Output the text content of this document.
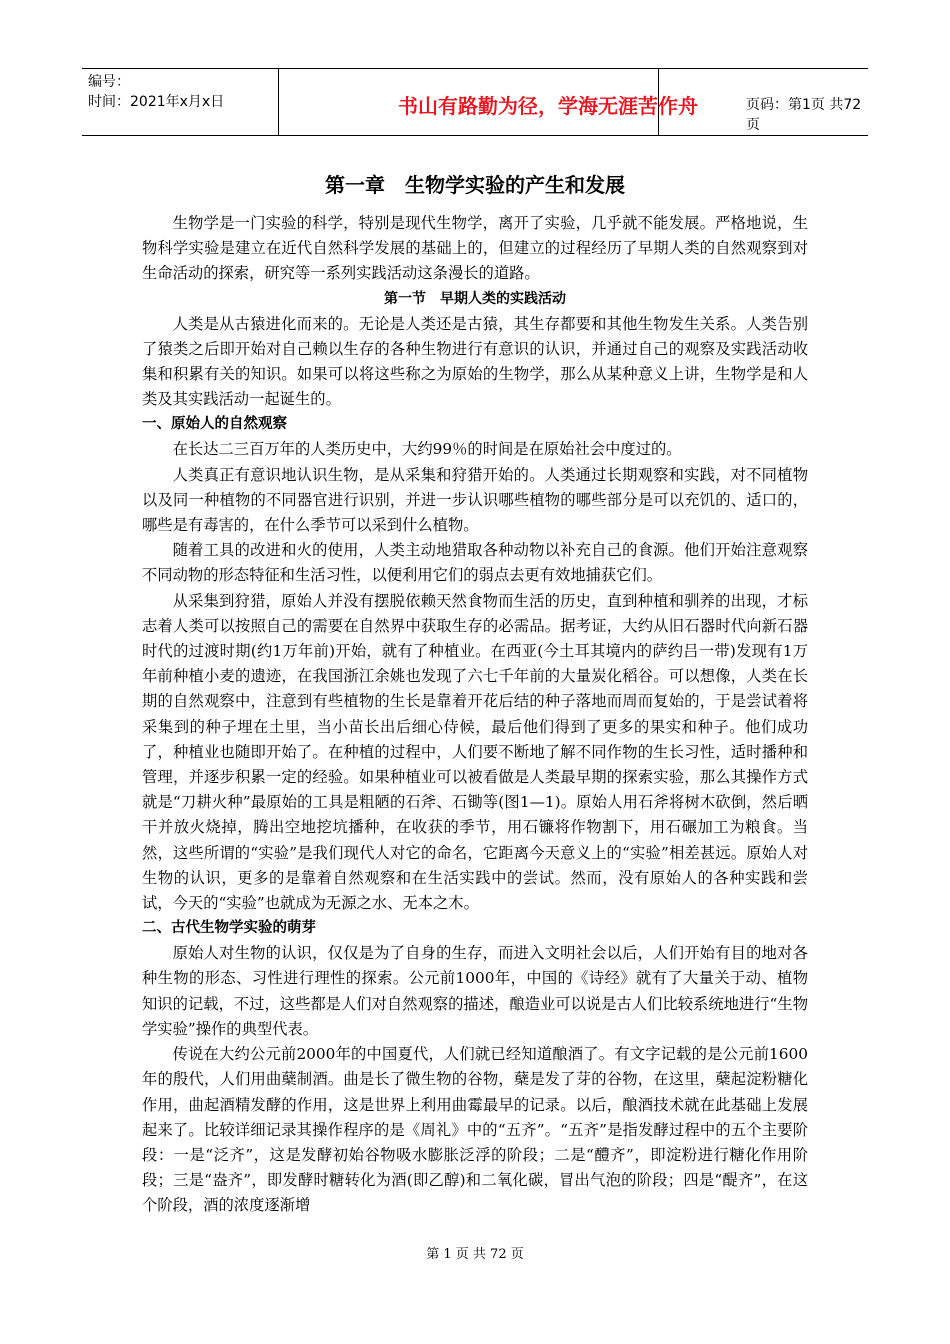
编号：
时间：2021年x月x日	书山有路勤为径，学海无涯苦作舟	页码：第1页 共72页
第一章　生物学实验的产生和发展

生物学是一门实验的科学，特别是现代生物学，离开了实验，几乎就不能发展。严格地说，生物科学实验是建立在近代自然科学发展的基础上的，但建立的过程经历了早期人类的自然观察到对生命活动的探索，研究等一系列实践活动这条漫长的道路。

第一节　早期人类的实践活动

人类是从古猿进化而来的。无论是人类还是古猿，其生存都要和其他生物发生关系。人类告别了猿类之后即开始对自己赖以生存的各种生物进行有意识的认识，并通过自己的观察及实践活动收集和积累有关的知识。如果可以将这些称之为原始的生物学，那么从某种意义上讲，生物学是和人类及其实践活动一起诞生的。

一、原始人的自然观察

在长达二三百万年的人类历史中，大约99％的时间是在原始社会中度过的。

人类真正有意识地认识生物，是从采集和狩猎开始的。人类通过长期观察和实践，对不同植物以及同一种植物的不同器官进行识别，并进一步认识哪些植物的哪些部分是可以充饥的、适口的，哪些是有毒害的，在什么季节可以采到什么植物。

随着工具的改进和火的使用，人类主动地猎取各种动物以补充自己的食源。他们开始注意观察不同动物的形态特征和生活习性，以便利用它们的弱点去更有效地捕获它们。

从采集到狩猎，原始人并没有摆脱依赖天然食物而生活的历史，直到种植和驯养的出现，才标志着人类可以按照自己的需要在自然界中获取生存的必需品。据考证，大约从旧石器时代向新石器时代的过渡时期(约1万年前)开始，就有了种植业。在西亚(今土耳其境内的萨约吕一带)发现有1万年前种植小麦的遗迹，在我国浙江余姚也发现了六七千年前的大量炭化稻谷。可以想像，人类在长期的自然观察中，注意到有些植物的生长是靠着开花后结的种子落地而周而复始的，于是尝试着将采集到的种子埋在土里，当小苗长出后细心侍候，最后他们得到了更多的果实和种子。他们成功了，种植业也随即开始了。在种植的过程中，人们要不断地了解不同作物的生长习性，适时播种和管理，并逐步积累一定的经验。如果种植业可以被看做是人类最早期的探索实验，那么其操作方式就是“刀耕火种”最原始的工具是粗陋的石斧、石锄等(图1—1)。原始人用石斧将树木砍倒，然后晒干并放火烧掉，腾出空地挖坑播种，在收获的季节，用石镰将作物割下，用石碾加工为粮食。当然，这些所谓的“实验”是我们现代人对它的命名，它距离今天意义上的“实验”相差甚远。原始人对生物的认识，更多的是靠着自然观察和在生活实践中的尝试。然而，没有原始人的各种实践和尝试，今天的“实验”也就成为无源之水、无本之木。

二、古代生物学实验的萌芽

原始人对生物的认识，仅仅是为了自身的生存，而进入文明社会以后，人们开始有目的地对各种生物的形态、习性进行理性的探索。公元前1000年，中国的《诗经》就有了大量关于动、植物知识的记载，不过，这些都是人们对自然观察的描述，酿造业可以说是古人们比较系统地进行“生物学实验”操作的典型代表。

传说在大约公元前2000年的中国夏代，人们就已经知道酿酒了。有文字记载的是公元前1600年的殷代，人们用曲蘖制酒。曲是长了微生物的谷物，蘖是发了芽的谷物，在这里，蘖起淀粉糖化作用，曲起酒精发酵的作用，这是世界上利用曲霉最早的记录。以后，酿酒技术就在此基础上发展起来了。比较详细记录其操作程序的是《周礼》中的“五齐”。“五齐”是指发酵过程中的五个主要阶段：一是“泛齐”，这是发酵初始谷物吸水膨胀泛浮的阶段；二是“醴齐”，即淀粉进行糖化作用阶段；三是“盎齐”，即发酵时糖转化为酒(即乙醇)和二氧化碳，冒出气泡的阶段；四是“醍齐”，在这个阶段，酒的浓度逐渐增

第 1 页 共 72 页
